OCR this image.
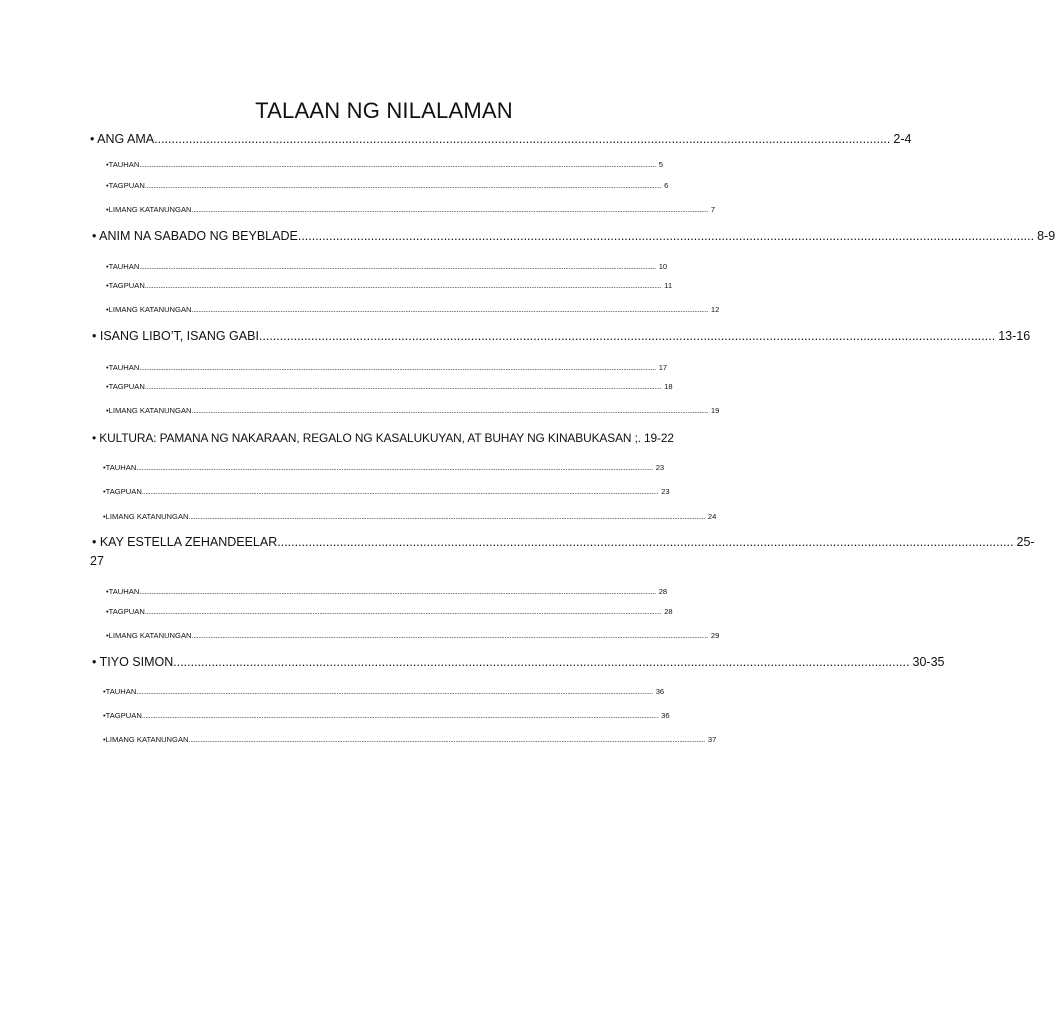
TALAAN NG NILALAMAN
• ANG AMA .................................................................................................................................................................................................................... 2-4
•TAUHAN .............................................................................................................................................................................................................................................................................................................. 5
•TAGPUAN .............................................................................................................................................................................................................................................................................................................. 6
•LIMANG KATANUNGAN .............................................................................................................................................................................................................................................................................................................. 7
• ANIM NA SABADO NG BEYBLADE .................................................................................................................................................................................................................... 8-9
•TAUHAN .............................................................................................................................................................................................................................................................................................................. 10
•TAGPUAN .............................................................................................................................................................................................................................................................................................................. 11
•LIMANG KATANUNGAN .............................................................................................................................................................................................................................................................................................................. 12
• ISANG LIBO’T, ISANG GABI .................................................................................................................................................................................................................... 13-16
•TAUHAN .............................................................................................................................................................................................................................................................................................................. 17
•TAGPUAN .............................................................................................................................................................................................................................................................................................................. 18
•LIMANG KATANUNGAN .............................................................................................................................................................................................................................................................................................................. 19
• KULTURA: PAMANA NG NAKARAAN, REGALO NG KASALUKUYAN, AT BUHAY NG KINABUKASAN ;. 19-22
•TAUHAN .............................................................................................................................................................................................................................................................................................................. 23
•TAGPUAN .............................................................................................................................................................................................................................................................................................................. 23
•LIMANG KATANUNGAN .............................................................................................................................................................................................................................................................................................................. 24
• KAY ESTELLA ZEHANDEELAR .................................................................................................................................................................................................................... 25-
27
•TAUHAN .............................................................................................................................................................................................................................................................................................................. 28
•TAGPUAN .............................................................................................................................................................................................................................................................................................................. 28
•LIMANG KATANUNGAN .............................................................................................................................................................................................................................................................................................................. 29
• TIYO SIMON .................................................................................................................................................................................................................... 30-35
•TAUHAN .............................................................................................................................................................................................................................................................................................................. 36
•TAGPUAN .............................................................................................................................................................................................................................................................................................................. 36
•LIMANG KATANUNGAN .............................................................................................................................................................................................................................................................................................................. 37
